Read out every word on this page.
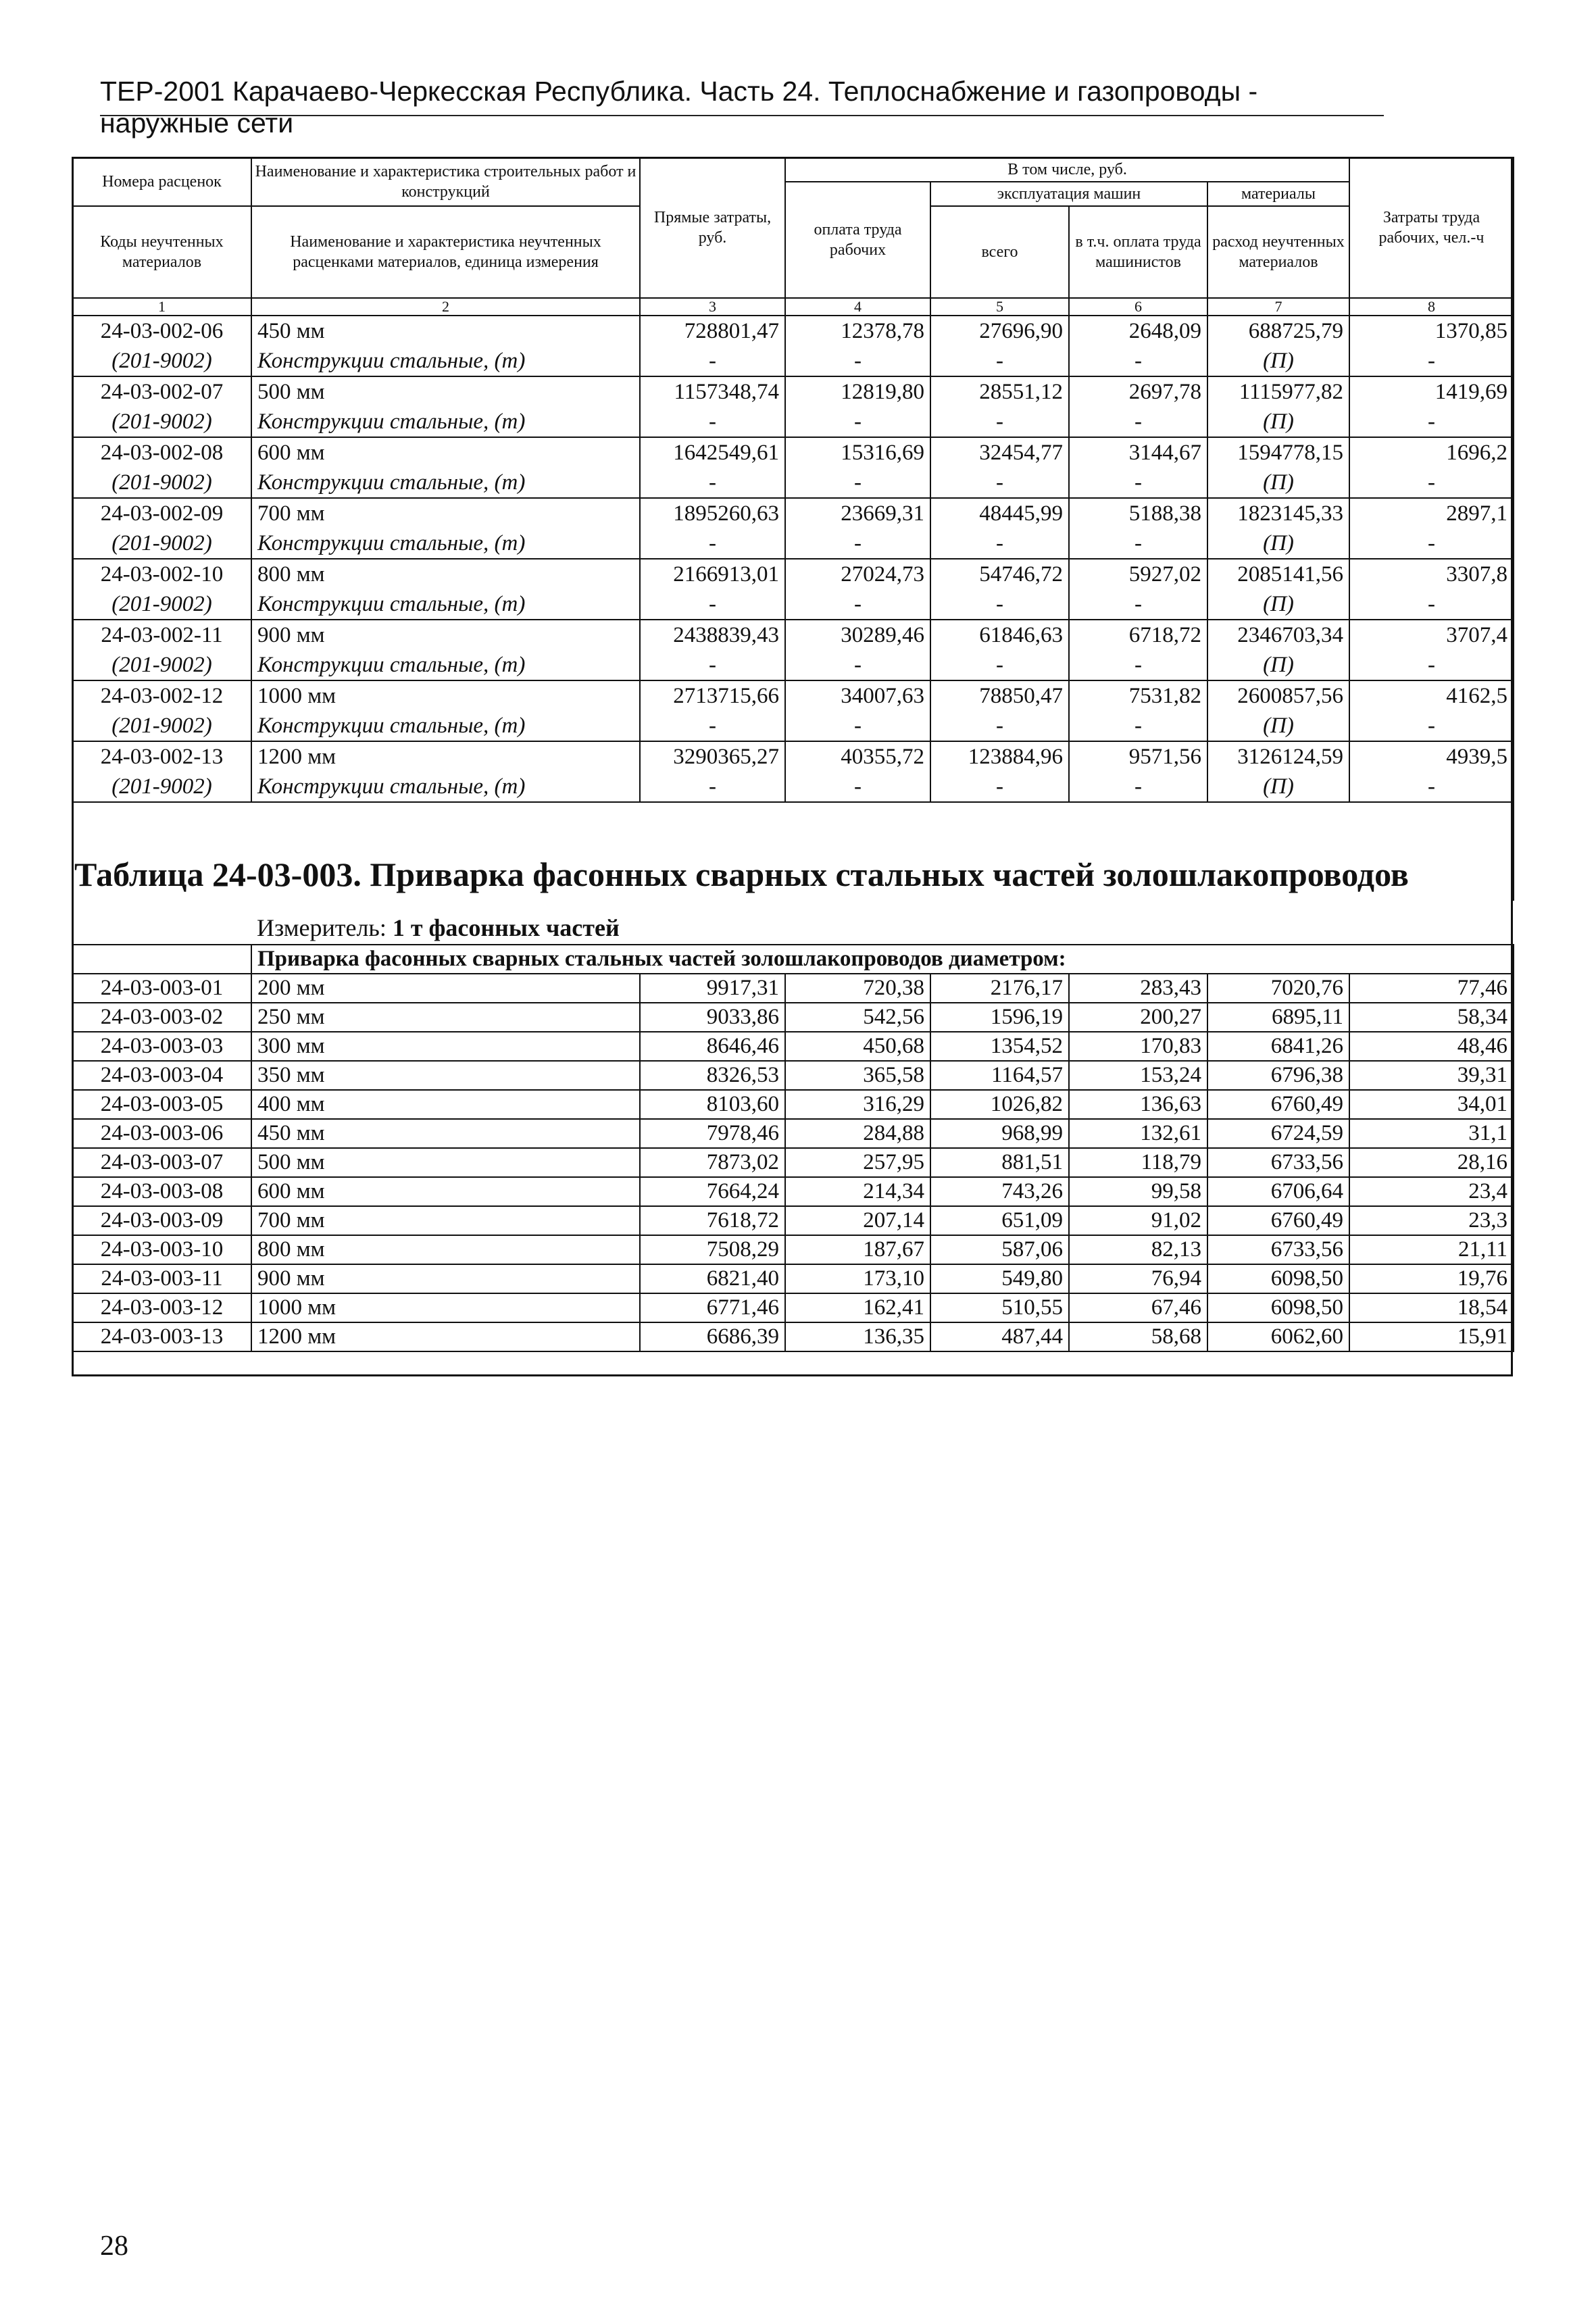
ТЕР-2001 Карачаево-Черкесская Республика. Часть 24. Теплоснабжение и газопроводы - наружные сети
Номера расценок	Наименование и характеристика строительных работ и конструкций	Прямые затраты, руб.	В том числе, руб.				Затраты труда рабочих, чел.-ч
			оплата труда рабочих	эксплуатация машин		материалы	
Коды неучтенных материалов	Наименование и характеристика неучтенных расценками материалов, единица измерения			всего	в т.ч. оплата труда машинистов	расход неучтенных материалов	

1	2	3	4	5	6	7	8
24-03-002-06	450 мм	728801,47	12378,78	27696,90	2648,09	688725,79	1370,85
(201-9002)	Конструкции стальные, (т)	-	-	-	-	(П)	-
24-03-002-07	500 мм	1157348,74	12819,80	28551,12	2697,78	1115977,82	1419,69
(201-9002)	Конструкции стальные, (т)	-	-	-	-	(П)	-
24-03-002-08	600 мм	1642549,61	15316,69	32454,77	3144,67	1594778,15	1696,2
(201-9002)	Конструкции стальные, (т)	-	-	-	-	(П)	-
24-03-002-09	700 мм	1895260,63	23669,31	48445,99	5188,38	1823145,33	2897,1
(201-9002)	Конструкции стальные, (т)	-	-	-	-	(П)	-
24-03-002-10	800 мм	2166913,01	27024,73	54746,72	5927,02	2085141,56	3307,8
(201-9002)	Конструкции стальные, (т)	-	-	-	-	(П)	-
24-03-002-11	900 мм	2438839,43	30289,46	61846,63	6718,72	2346703,34	3707,4
(201-9002)	Конструкции стальные, (т)	-	-	-	-	(П)	-
24-03-002-12	1000 мм	2713715,66	34007,63	78850,47	7531,82	2600857,56	4162,5
(201-9002)	Конструкции стальные, (т)	-	-	-	-	(П)	-
24-03-002-13	1200 мм	3290365,27	40355,72	123884,96	9571,56	3126124,59	4939,5
(201-9002)	Конструкции стальные, (т)	-	-	-	-	(П)	-

Таблица 24-03-003. Приварка фасонных сварных стальных частей золошлакопроводов
Измеритель: 1 т фасонных частей
	Приварка фасонных сварных стальных частей золошлакопроводов диаметром:						
24-03-003-01	200 мм	9917,31	720,38	2176,17	283,43	7020,76	77,46
24-03-003-02	250 мм	9033,86	542,56	1596,19	200,27	6895,11	58,34
24-03-003-03	300 мм	8646,46	450,68	1354,52	170,83	6841,26	48,46
24-03-003-04	350 мм	8326,53	365,58	1164,57	153,24	6796,38	39,31
24-03-003-05	400 мм	8103,60	316,29	1026,82	136,63	6760,49	34,01
24-03-003-06	450 мм	7978,46	284,88	968,99	132,61	6724,59	31,1
24-03-003-07	500 мм	7873,02	257,95	881,51	118,79	6733,56	28,16
24-03-003-08	600 мм	7664,24	214,34	743,26	99,58	6706,64	23,4
24-03-003-09	700 мм	7618,72	207,14	651,09	91,02	6760,49	23,3
24-03-003-10	800 мм	7508,29	187,67	587,06	82,13	6733,56	21,11
24-03-003-11	900 мм	6821,40	173,10	549,80	76,94	6098,50	19,76
24-03-003-12	1000 мм	6771,46	162,41	510,55	67,46	6098,50	18,54
24-03-003-13	1200 мм	6686,39	136,35	487,44	58,68	6062,60	15,91
28
